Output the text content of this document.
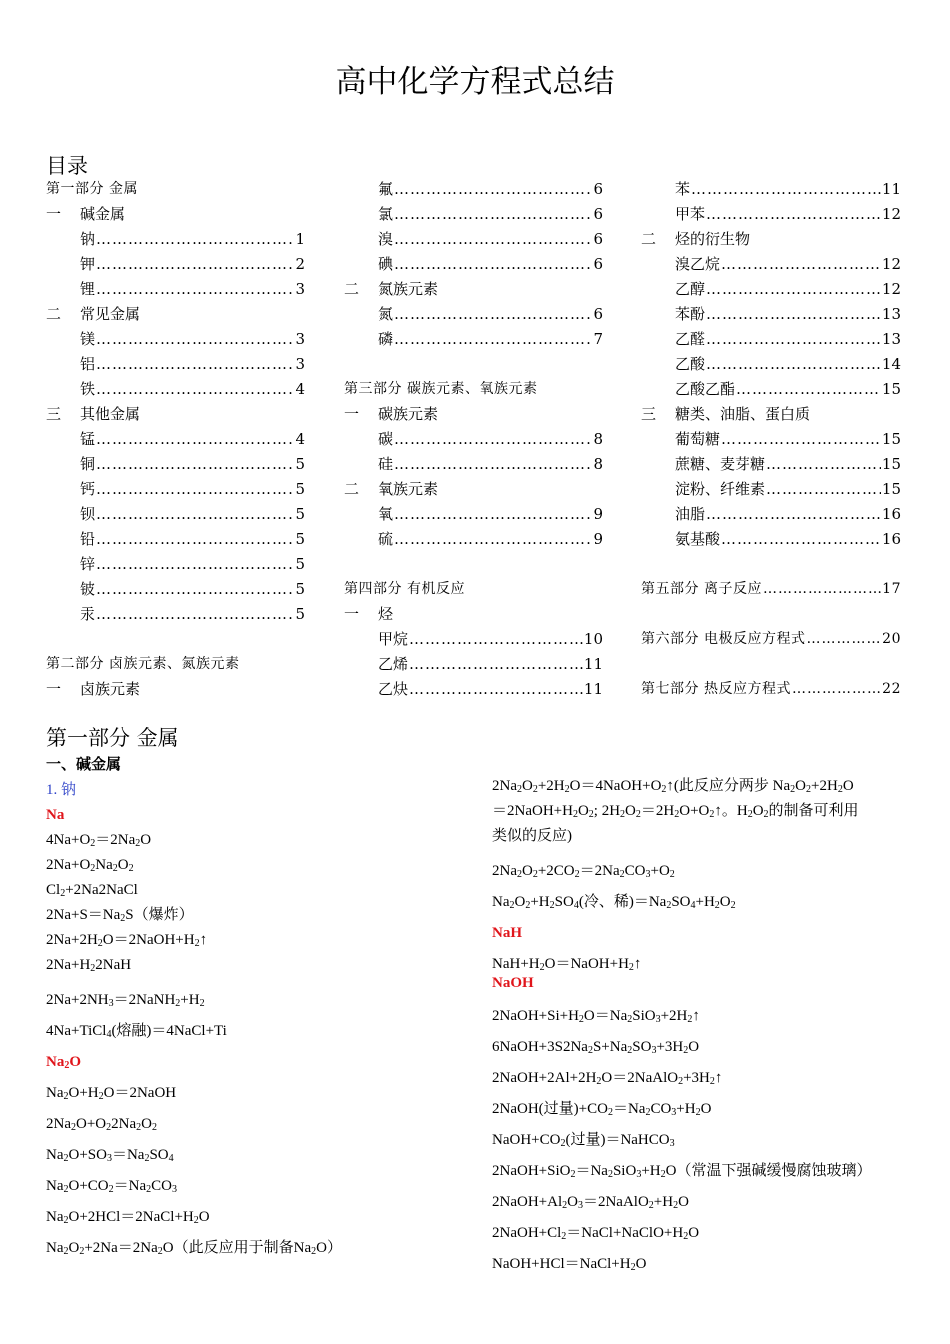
高中化学方程式总结
目录
第一部分 金属
一	碱金属
钠 ……………………………………………………………………………………………………	1
钾 ……………………………………………………………………………………………………	2
锂 ……………………………………………………………………………………………………	3
二	常见金属
镁 ……………………………………………………………………………………………………	3
铝 ……………………………………………………………………………………………………	3
铁 ……………………………………………………………………………………………………	4
三	其他金属
锰 ……………………………………………………………………………………………………	4
铜 ……………………………………………………………………………………………………	5
钙 ……………………………………………………………………………………………………	5
钡 ……………………………………………………………………………………………………	5
铅 ……………………………………………………………………………………………………	5
锌 ……………………………………………………………………………………………………	5
铍 ……………………………………………………………………………………………………	5
汞 ……………………………………………………………………………………………………	5
第二部分 卤族元素、氮族元素
一	卤族元素
氟 ……………………………………………………………………………………………………	6
氯 ……………………………………………………………………………………………………	6
溴 ……………………………………………………………………………………………………	6
碘 ……………………………………………………………………………………………………	6
二	氮族元素
氮 ……………………………………………………………………………………………………	6
磷 ……………………………………………………………………………………………………	7
第三部分 碳族元素、氧族元素
一	碳族元素
碳 ……………………………………………………………………………………………………	8
硅 ……………………………………………………………………………………………………	8
二	氧族元素
氧 ……………………………………………………………………………………………………	9
硫 ……………………………………………………………………………………………………	9
第四部分 有机反应
一	烃
甲烷 ……………………………………………………………………………………………………	10
乙烯 ……………………………………………………………………………………………………	11
乙炔 ……………………………………………………………………………………………………	11
苯 ……………………………………………………………………………………………………	11
甲苯 ……………………………………………………………………………………………………	12
二	烃的衍生物
溴乙烷 ……………………………………………………………………………………………………	12
乙醇 ……………………………………………………………………………………………………	12
苯酚 ……………………………………………………………………………………………………	13
乙醛 ……………………………………………………………………………………………………	13
乙酸 ……………………………………………………………………………………………………	14
乙酸乙酯 ……………………………………………………………………………………………………	15
三	糖类、油脂、蛋白质
葡萄糖 ……………………………………………………………………………………………………	15
蔗糖、麦芽糖 ……………………………………………………………………………………………………	15
淀粉、纤维素 ……………………………………………………………………………………………………	15
油脂 ……………………………………………………………………………………………………	16
氨基酸 ……………………………………………………………………………………………………	16
第五部分 离子反应 ……………………………………………………………………………………………………	17
第六部分 电极反应方程式 ……………………………………………………………………………………………………	20
第七部分 热反应方程式 ……………………………………………………………………………………………………	22
第一部分 金属
一、碱金属
1. 钠
Na
$4Na+O_2=2Na_2O$
$2Na+O_2Na_2O_2$
$Cl_2+2Na2NaCl$
$2Na+S=Na_2S$（爆炸）
$2Na+2H_2O=2NaOH+H_2↑$
$2Na+H_22NaH$
$2Na+2NH_3=2NaNH_2+H_2$
4Na+TiCl$_4$(熔融)＝4NaCl+Ti
$Na_2O$
$Na_2O+H_2O=2NaOH$
$2Na_2O+O_22Na_2O_2$
$Na_2O+SO_3=Na_2SO_4$
$Na_2O+CO_2=Na_2CO_3$
$Na_2O+2HCl=2NaCl+H_2O$
$Na_2O_2+2Na=2Na_2O$（此反应用于制备$Na_2O$）
$2Na_2O_2+2H_2O=4NaOH+O_2↑$(此反应分两步 $Na_2O_2+2H_2O$
$=2NaOH+H_2O_2$; $2H_2O_2=2H_2O+O_2↑$。$H_2O_2$的制备可利用
类似的反应)
$2Na_2O_2+2CO_2=2Na_2CO_3+O_2$
$Na_2O_2+H_2SO_4$(冷、稀)$=Na_2SO_4+H_2O_2$
NaH
$NaH+H_2O=NaOH+H_2↑$
NaOH
$2NaOH+Si+H_2O=Na_2SiO_3+2H_2↑$
$6NaOH+3S2Na_2S+Na_2SO_3+3H_2O$
$2NaOH+2Al+2H_2O=2NaAlO_2+3H_2↑$
2NaOH(过量)$+CO_2=Na_2CO_3+H_2O$
$NaOH+CO_2$(过量)＝NaHCO$_3$
$2NaOH+SiO_2=Na_2SiO_3+H_2O$（常温下强碱缓慢腐蚀玻璃）
$2NaOH+Al_2O_3=2NaAlO_2+H_2O$
$2NaOH+Cl_2=NaCl+NaClO+H_2O$
$NaOH+HCl=NaCl+H_2O$
